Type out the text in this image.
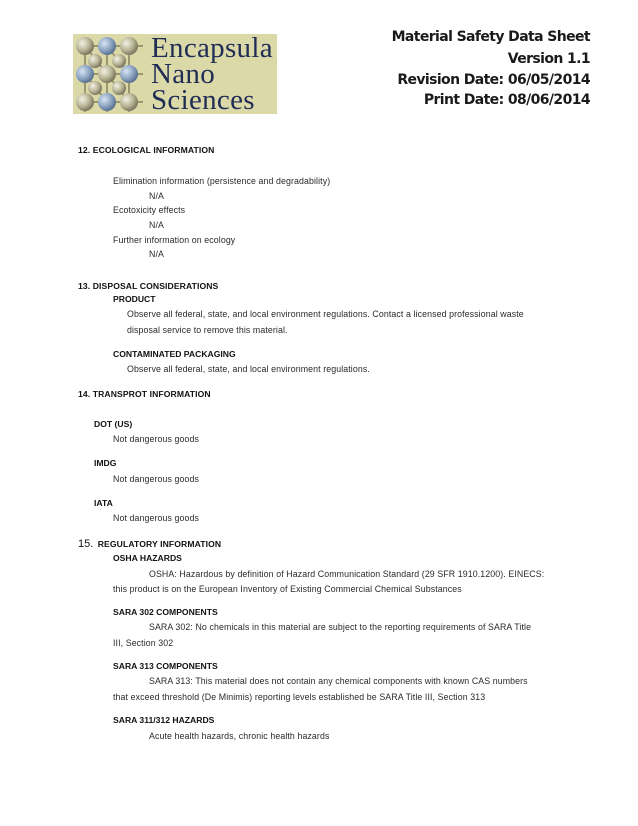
Encapsula
Nano
Sciences

Material Safety Data Sheet

Version 1.1

Revision Date: 06/05/2014

Print Date: 08/06/2014

12. ECOLOGICAL INFORMATION

Elimination information (persistence and degradability)

N/A

Ecotoxicity effects

N/A

Further information on ecology

N/A

13. DISPOSAL CONSIDERATIONS

PRODUCT

Observe all federal, state, and local environment regulations. Contact a licensed professional waste

disposal service to remove this material.

CONTAMINATED PACKAGING

Observe all federal, state, and local environment regulations.

14. TRANSPROT INFORMATION

DOT (US)

Not dangerous goods

IMDG

Not dangerous goods

IATA

Not dangerous goods

15. REGULATORY INFORMATION

OSHA HAZARDS

OSHA: Hazardous by definition of Hazard Communication Standard (29 SFR 1910.1200). EINECS:

this product is on the European Inventory of Existing Commercial Chemical Substances

SARA 302 COMPONENTS

SARA 302: No chemicals in this material are subject to the reporting requirements of SARA Title

III, Section 302

SARA 313 COMPONENTS

SARA 313: This material does not contain any chemical components with known CAS numbers

that exceed threshold (De Minimis) reporting levels established be SARA Title III, Section 313

SARA 311/312 HAZARDS

Acute health hazards, chronic health hazards
